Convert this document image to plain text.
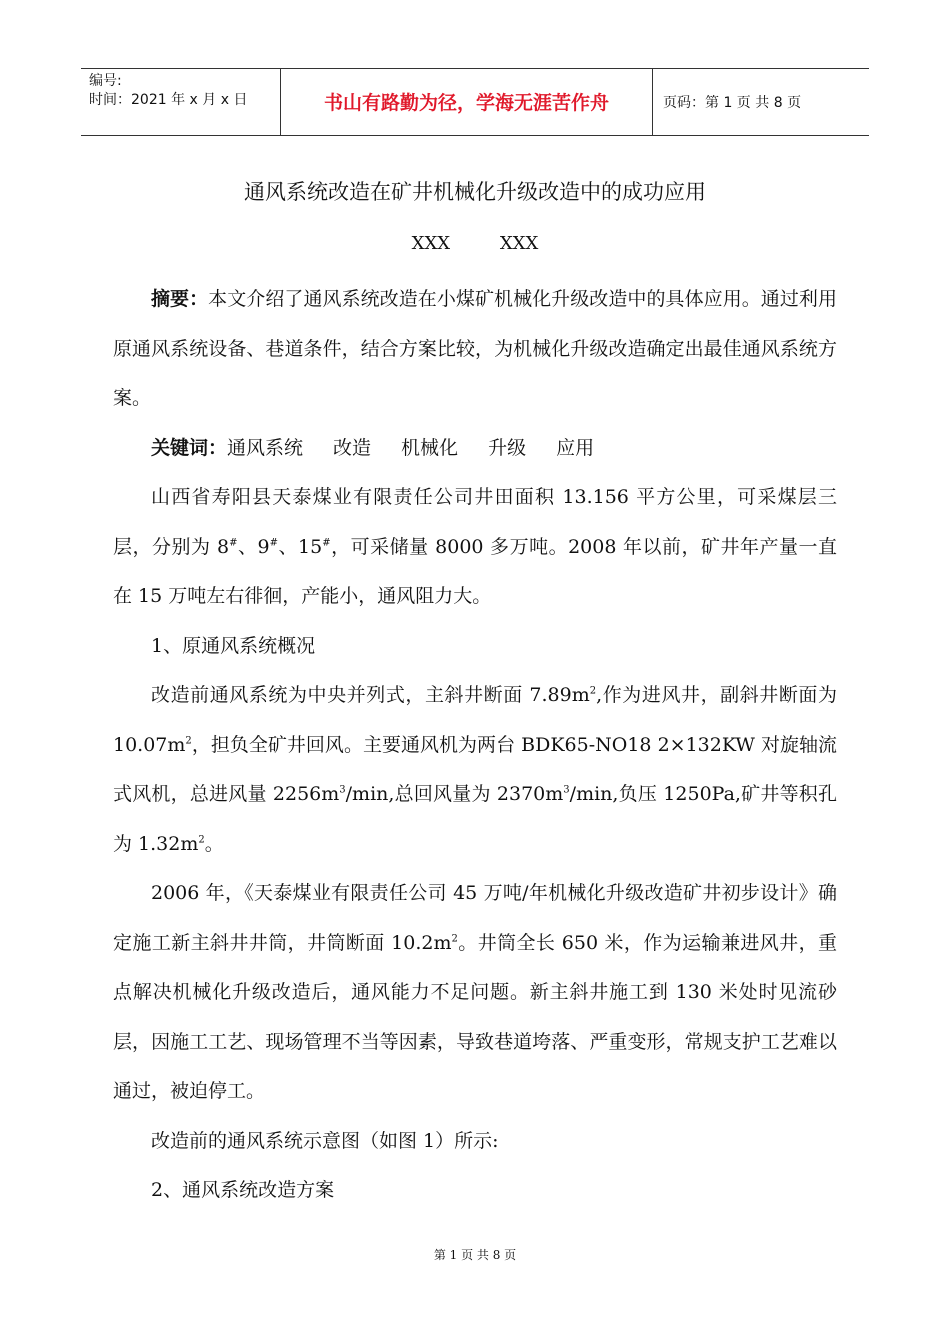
编号:
时间：2021 年 x 月 x 日	书山有路勤为径，学海无涯苦作舟	页码：第 1 页 共 8 页
通风系统改造在矿井机械化升级改造中的成功应用
XXX	XXX

摘要：本文介绍了通风系统改造在小煤矿机械化升级改造中的具体应用。通过利用原通风系统设备、巷道条件，结合方案比较，为机械化升级改造确定出最佳通风系统方案。

关键词：通风系统 改造 机械化 升级 应用

山西省寿阳县天泰煤业有限责任公司井田面积 13.156 平方公里，可采煤层三层，分别为 8#、9#、15#，可采储量 8000 多万吨。2008 年以前，矿井年产量一直在 15 万吨左右徘徊，产能小，通风阻力大。

1、原通风系统概况

改造前通风系统为中央并列式，主斜井断面 $7.89m^2$,作为进风井，副斜井断面为 $10.07m^2$，担负全矿井回风。主要通风机为两台 BDK65-NO18 2×132KW 对旋轴流式风机，总进风量 $2256m^3/\min$,总回风量为 $2370m^3/\min$,负压 1250Pa,矿井等积孔为 $1.32m^2$。

2006 年，《天泰煤业有限责任公司 45 万吨/年机械化升级改造矿井初步设计》确定施工新主斜井井筒，井筒断面 $10.2m^2$。井筒全长 650 米，作为运输兼进风井，重点解决机械化升级改造后，通风能力不足问题。新主斜井施工到 130 米处时见流砂层，因施工工艺、现场管理不当等因素，导致巷道垮落、严重变形，常规支护工艺难以通过，被迫停工。

改造前的通风系统示意图（如图 1）所示:

2、通风系统改造方案

第 1 页 共 8 页
